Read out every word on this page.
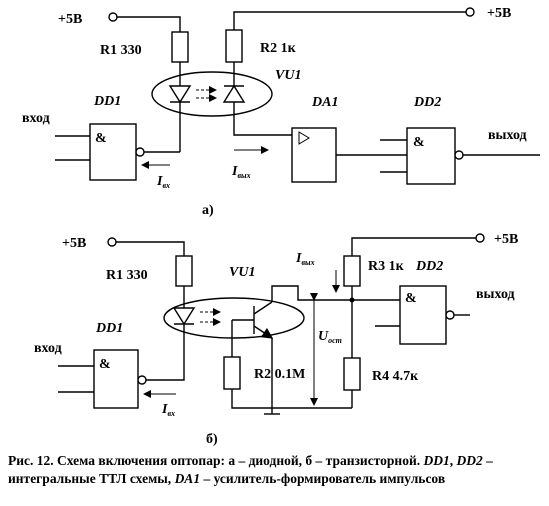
+5В
R1 330
+5В
R2 1к
VU1
DD1
&
вход
$I_{вх}$
DA1
$I_{вых}$
DD2
&	выход
а)
+5В
R1 330	VU1
+5В
R3 1к
$I_{вых}$	DD2
&	выход
$U_{ост}$
R2 0.1М	R4 4.7к
DD1
&
вход
$I_{вх}$
б)
Рис. 12. Схема включения оптопар: а – диодной, б – транзисторной. DD1, DD2 – интегральные ТТЛ схемы, DA1 – усилитель-формирователь импульсов
